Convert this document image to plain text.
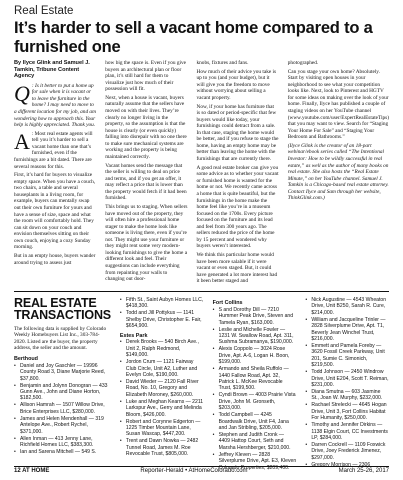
Real Estate
It’s harder to sell a vacant home compared to a furnished one
By Ilyce Glink and Samuel J. Tamkin, Tribune Content Agency

Q : Is it better to put a home up for sale when it is vacant or to leave the furniture in the home? I may need to move to a different location for my job, and am wondering how to approach this. Your help is highly appreciated. Thank you.

A : Most real estate agents will tell you it’s harder to sell a vacant home than one that’s furnished, even if the furnishings are a bit dated. There are several reasons for this.

First, it’s hard for buyers to visualize empty space. When you have a couch, two chairs, a table and several houseplants in a living room, for example, buyers can mentally swap out their own furniture for yours and have a sense of size, space and what the room will comfortably hold. They can sit down on your couch and envision themselves sitting on their own couch, enjoying a cozy Sunday morning.

But in an empty house, buyers wander around trying to assess just

how big the space is. Even if you give buyers an architectural plan or floor plan, it’s still hard for them to visualize just how much of their possession will fit.

Next, when a house is vacant, buyers naturally assume that the sellers have moved on with their lives. They’re clearly no longer living in the property, so the assumption is that the house is clearly (or even quickly) falling into disrepair with no one there to make sure mechanical systems are working and the property is being maintained correctly.

Vacant homes send the message that the seller is willing to deal on price and terms, and if you get an offer, it may reflect a price that is lower than the property would fetch if it had been furnished.

This brings us to staging. When sellers have moved out of the property, they will often hire a professional home stager to make the home look like someone is living there, even if you’re not. They might use your furniture or they might rent some very modern-looking furnishings to give the home a different look and feel. Their suggestions can include everything from repainting your walls to changing out door-

knobs, fixtures and fans.

How much of their advice you take is up to you (and your budget), but it will give you the freedom to move without worrying about selling a vacant property.

Now, if your home has furniture that is so dated or period-specific that few buyers would like today, your furnishings could detract from a sale. In that case, staging the home would be better, and if you refuse to stage the home, having an empty home may be better than leaving the home with the furnishings that are currently there.

A good real estate broker can give you some advice as to whether your vacant or furnished home is wanted for the home or not. We recently came across a home that is quite beautiful, but the furnishings in the home make the home feel like you’re in a museum focused on the 1700s. Every picture focused on the furniture and its lead and feel from 300 years ago. The sellers reduced the price of the home by 15 percent and wondered why buyers weren’t interested.

We think this particular home would have been more salable if it were vacant or even staged. But, it could have generated a lot more interest had it been better staged and

photographed.

Can you stage your own home? Absolutely. Start by visiting open houses in your neighborhood to see what your competition looks like. Next, look to Pinterest and HGTV for some ideas on making over the look of your home. Finally, Ilyce has published a couple of staging videos on her YouTube channel (www.youtube.com/user/ExpertRealEstateTips) that you may want to view. Search for “Staging Your Home For Sale” and “Staging Your Bedroom and Bathrooms.”

(Ilyce Glink is the creator of an 18-part webinar/ebook series called “The Intentional Investor: How to be wildly successful in real estate,” as well as the author of many books on real estate. She also hosts the “Real Estate Minute,” on her YouTube channel. Samuel J. Tamkin is a Chicago-based real estate attorney. Contact Ilyce and Sam through her website, ThinkGlink.com.)

REAL ESTATE TRANSACTIONS
The following data is supplied by Colorado Weekly Homebuyers List Inc., 303-784-2020. Listed are the buyer, the property address, the seller and the amount.
Berthoud
• Daniel and Joy Gaschler — 19996 County Road 3, Diane Marjorie Reed, $37,800.
• Benjamin and Jolynn Donogran — 433 Gunn Ave., John and Diane Horton, $182,500.
• Allison Hamrah — 1507 Willow Drive, Brice Enterprises LLC, $280,000.
• James and Helen Mendenhall — 319 Antelope Ave., Robert Rychel, $371,000.
• Allen Inman — 413 Jenny Lane, Richfield Homes LLC, $383,300.
• Ian and Sarena Mitchell — 549 S.
• Fifth St., Saint Aubyn Homes LLC, $418,300.
• Todd and Jill Pottykus — 1141 Shelby Drive, Christopher E. Fair, $654,900.
Estes Park
• Derek Brooks — 540 Birch Ave., Unit 2, Ralph Redmond, $149,000.
• Jordon Crum — 1121 Fairway Club Circle, Unit A2, Luther and Evelyn Cole, $190,000.
• David Wieder — 2120 Fall River Road, No. 10, Gregory and Elizabeth Moroney, $260,000.
• Luke and Meghan Kearns — 2211 Larkspur Ave., Gerry and Melinda Bloom, $426,000.
• Robert and Corynne Edgerton — 1225 Timber Mountain Lane, Susan Wascap, $447,200.
• Trent and Dawn Nowka — 2482 Tunnel Road, James M. Roe Revocable Trust, $805,000.
Fort Collins
• S and Dorothy Dill — 7210 Hummer Peak Drive, Steven and Tamela Ryan, $163,000.
• Leslie and Michelle Fowler — 1231 W. Swallow Road, Apt. 311, Sushma Subramanya, $190,000.
• Alexis Coppolo — 3024 Rose Drive, Apt. A-6, Logan H. Boon, $199,000.
• Armando and Sheila Ruffolo — 1440 Fallow Road, Apt. 32, Patrick L. McKee Revocable Trust, $199,500.
• Cyndi Brown — 4003 Prairie Vista Drive, John M. Gronseth, $203,000.
• Todd Campbell — 4245 Boardwalk Drive, Unit F4, Jana and Jan Stribling, $205,000.
• Stephen and Judith Cronk — 4409 Hattop Court, Seth and Marsha Hershberger, $210,000.
• Jeffrey Kleven — 2828 Silverplume Drive, Apt. E3, Kleven Colorado Properties, $209,400.
• Nick Augustine — 4543 Wheaton Drive, Unit B250, Sarah R. Cure, $214,000.
• William and Jacqueline Trinler — 2828 Silverplume Drive, Apt. T1, Beverly Jean Winchel Trust, $216,000.
• Emmett and Pamela Foreby — 3620 Fossil Creek Parkway, Unit 201, Sumie C. Simonich, $219,500.
• Todd Johnson — 2450 Windrow Drive, Unit E204, Scott T. Reiman, $231,000.
• Diana Smutna — 603 Jasmine St., Joan W. Murphy, $232,000.
• Rachael Strelecki — 4645 Hogan Drive, Unit 3, Fort Collins Habitat For Humanity, $250,000.
• Timothy and Jennifer Dirkins — 1138 Elgin Court, CC Investments LP, $284,000.
• Darren Cockrell — 1109 Foxwick Drive, Joey Frederick Jimenez, $297,000.
• Gregory Morrison — 2306
12 AT HOME	Reporter-Herald • AtHomeColorado.com	March 25-26, 2017
